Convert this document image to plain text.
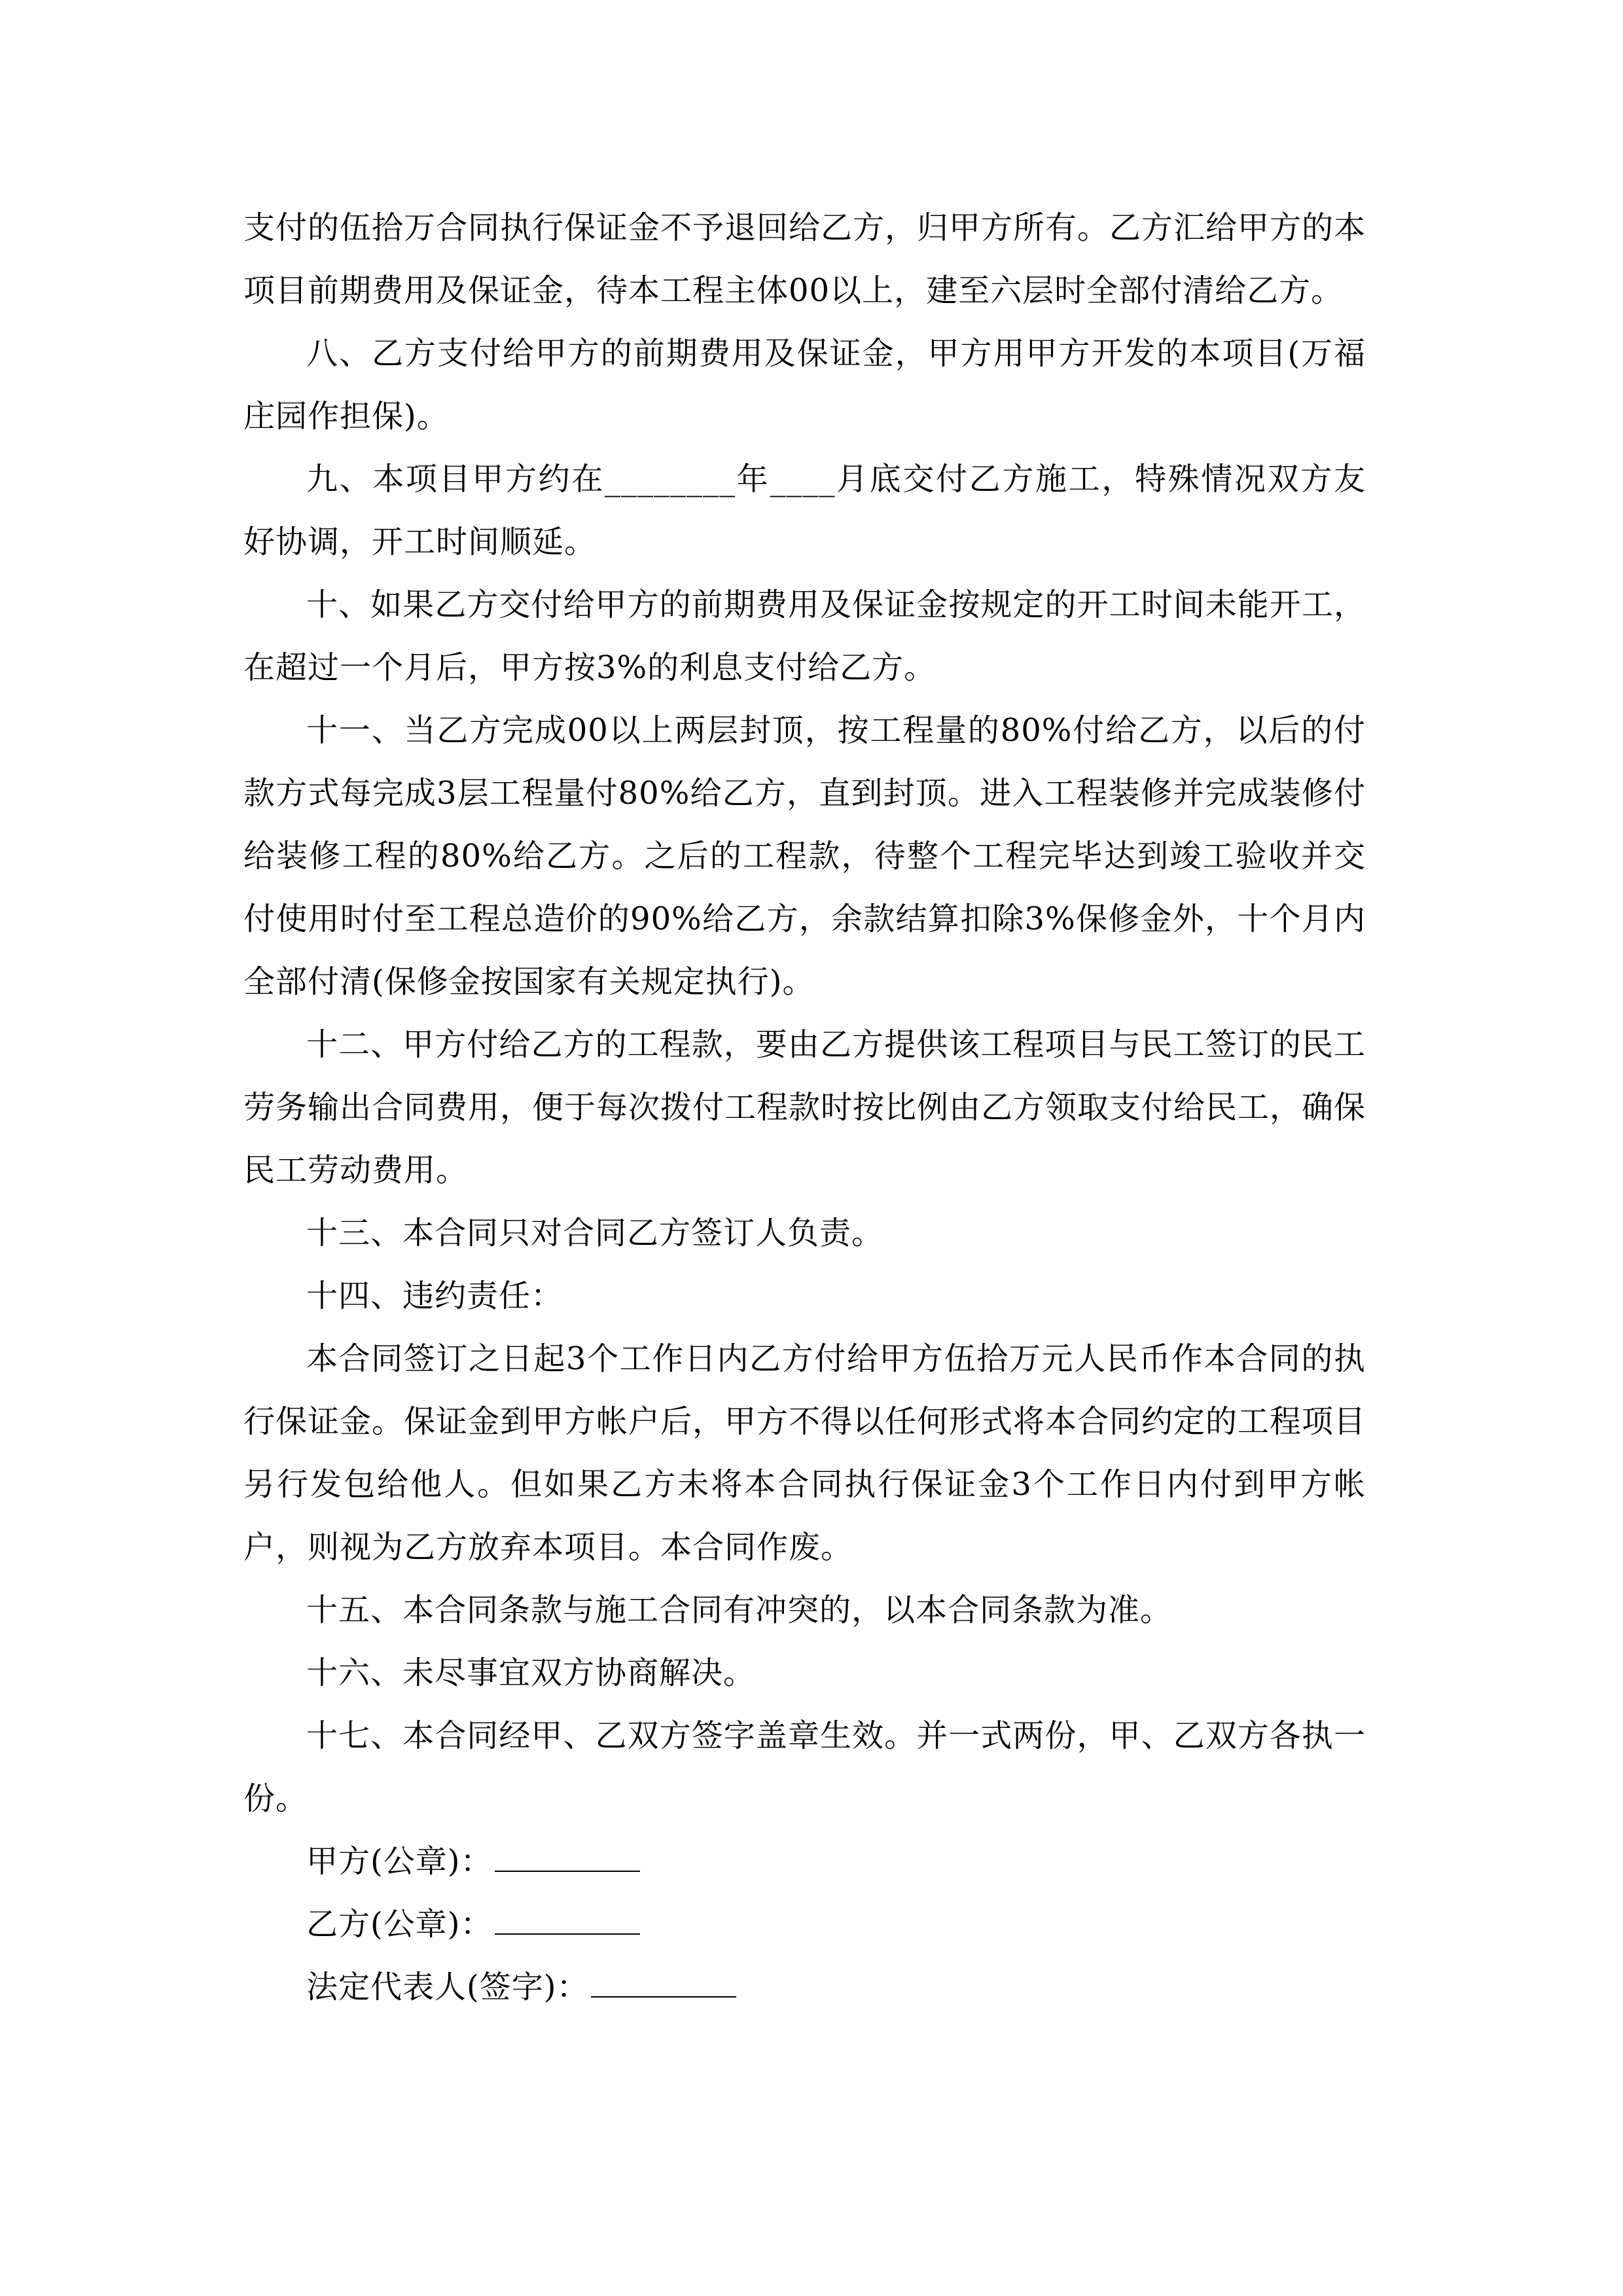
支付的伍拾万合同执行保证金不予退回给乙方，归甲方所有。乙方汇给甲方的本项目前期费用及保证金，待本工程主体00以上，建至六层时全部付清给乙方。

八、乙方支付给甲方的前期费用及保证金，甲方用甲方开发的本项目(万福庄园作担保)。

九、本项目甲方约在________年____月底交付乙方施工，特殊情况双方友好协调，开工时间顺延。

十、如果乙方交付给甲方的前期费用及保证金按规定的开工时间未能开工，在超过一个月后，甲方按3%的利息支付给乙方。

十一、当乙方完成00以上两层封顶，按工程量的80%付给乙方，以后的付款方式每完成3层工程量付80%给乙方，直到封顶。进入工程装修并完成装修付给装修工程的80%给乙方。之后的工程款，待整个工程完毕达到竣工验收并交付使用时付至工程总造价的90%给乙方，余款结算扣除3%保修金外，十个月内全部付清(保修金按国家有关规定执行)。

十二、甲方付给乙方的工程款，要由乙方提供该工程项目与民工签订的民工劳务输出合同费用，便于每次拨付工程款时按比例由乙方领取支付给民工，确保民工劳动费用。

十三、本合同只对合同乙方签订人负责。

十四、违约责任：

本合同签订之日起3个工作日内乙方付给甲方伍拾万元人民币作本合同的执行保证金。保证金到甲方帐户后，甲方不得以任何形式将本合同约定的工程项目另行发包给他人。但如果乙方未将本合同执行保证金3个工作日内付到甲方帐户，则视为乙方放弃本项目。本合同作废。

十五、本合同条款与施工合同有冲突的，以本合同条款为准。

十六、未尽事宜双方协商解决。

十七、本合同经甲、乙双方签字盖章生效。并一式两份，甲、乙双方各执一份。

甲方(公章)：

乙方(公章)：

法定代表人(签字)：
